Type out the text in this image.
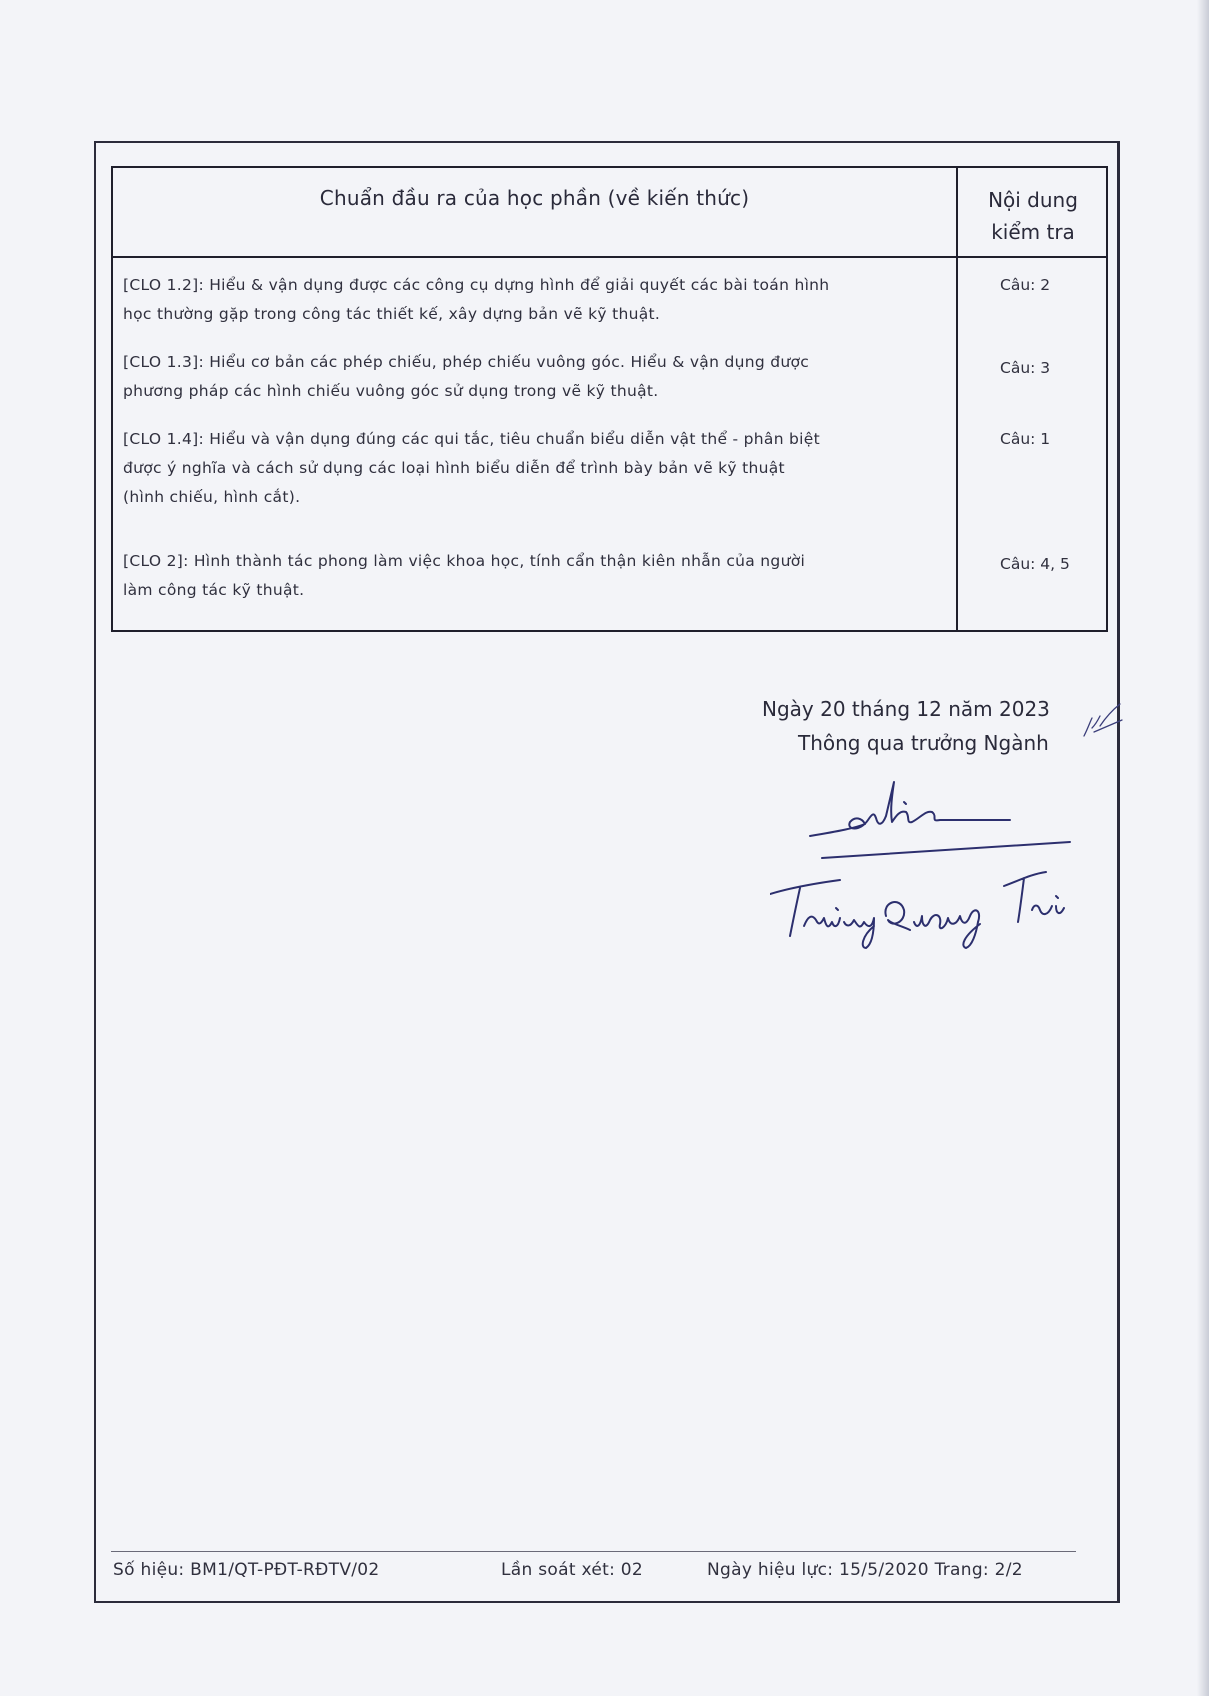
Chuẩn đầu ra của học phần (về kiến thức)	Nội dung
kiểm tra
[CLO 1.2]: Hiểu & vận dụng được các công cụ dựng hình để giải quyết các bài toán hình
học thường gặp trong công tác thiết kế, xây dựng bản vẽ kỹ thuật.
Câu: 2
[CLO 1.3]: Hiểu cơ bản các phép chiếu, phép chiếu vuông góc. Hiểu & vận dụng được
phương pháp các hình chiếu vuông góc sử dụng trong vẽ kỹ thuật.
Câu: 3
[CLO 1.4]: Hiểu và vận dụng đúng các qui tắc, tiêu chuẩn biểu diễn vật thể - phân biệt
được ý nghĩa và cách sử dụng các loại hình biểu diễn để trình bày bản vẽ kỹ thuật
(hình chiếu, hình cắt).
Câu: 1
[CLO 2]: Hình thành tác phong làm việc khoa học, tính cẩn thận kiên nhẫn của người
làm công tác kỹ thuật.
Câu: 4, 5
Ngày 20 tháng 12 năm 2023
Thông qua trưởng Ngành
Số hiệu: BM1/QT-PĐT-RĐTV/02	Lần soát xét: 02	Ngày hiệu lực: 15/5/2020 Trang: 2/2
